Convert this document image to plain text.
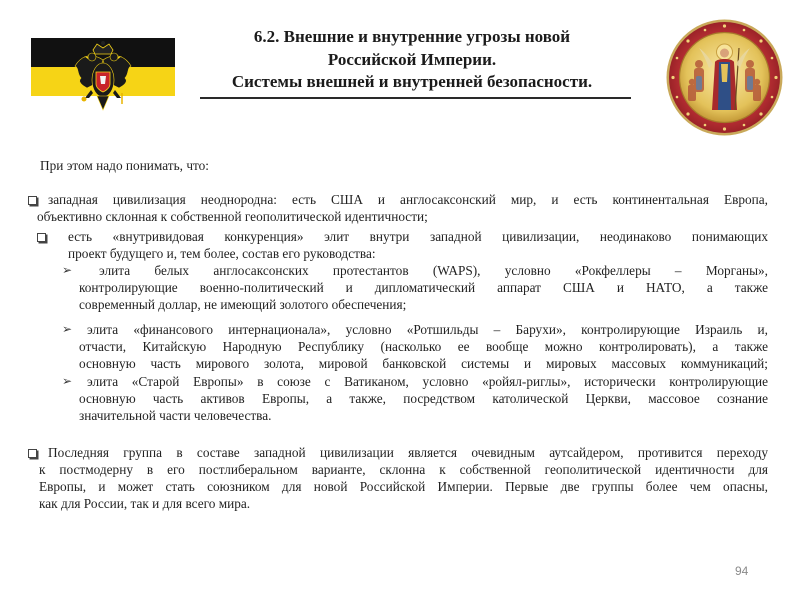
6.2. Внешние и внутренние угрозы новой
Российской Империи.
Системы внешней и внутренней безопасности.
При этом надо понимать, что:
западная цивилизация неоднородна: есть США и англосаксонский мир, и есть континентальная Европа,
объективно склонная к собственной геополитической идентичности;
есть «внутривидовая конкуренция» элит внутри западной цивилизации, неодинаково понимающих
проект будущего и, тем более, состав его руководства:
➢	элита белых англосаксонских протестантов (WAPS), условно «Рокфеллеры – Морганы»,
контролирующие военно-политический и дипломатический аппарат США и НАТО, а также
современный доллар, не имеющий золотого обеспечения;
➢	элита «финансового интернационала», условно «Ротшильды – Барухи», контролирующие Израиль и,
отчасти, Китайскую Народную Республику (насколько ее вообще можно контролировать), а также
основную часть мирового золота, мировой банковской системы и мировых массовых коммуникаций;
➢	элита «Старой Европы» в союзе с Ватиканом, условно «ройял-риглы», исторически контролирующие
основную часть активов Европы, а также, посредством католической Церкви, массовое сознание
значительной части человечества.
Последняя группа в составе западной цивилизации является очевидным аутсайдером, противится переходу
к постмодерну в его постлиберальном варианте, склонна к собственной геополитической идентичности для
Европы, и может стать союзником для новой Российской Империи. Первые две группы более чем опасны,
как для России, так и для всего мира.
94
